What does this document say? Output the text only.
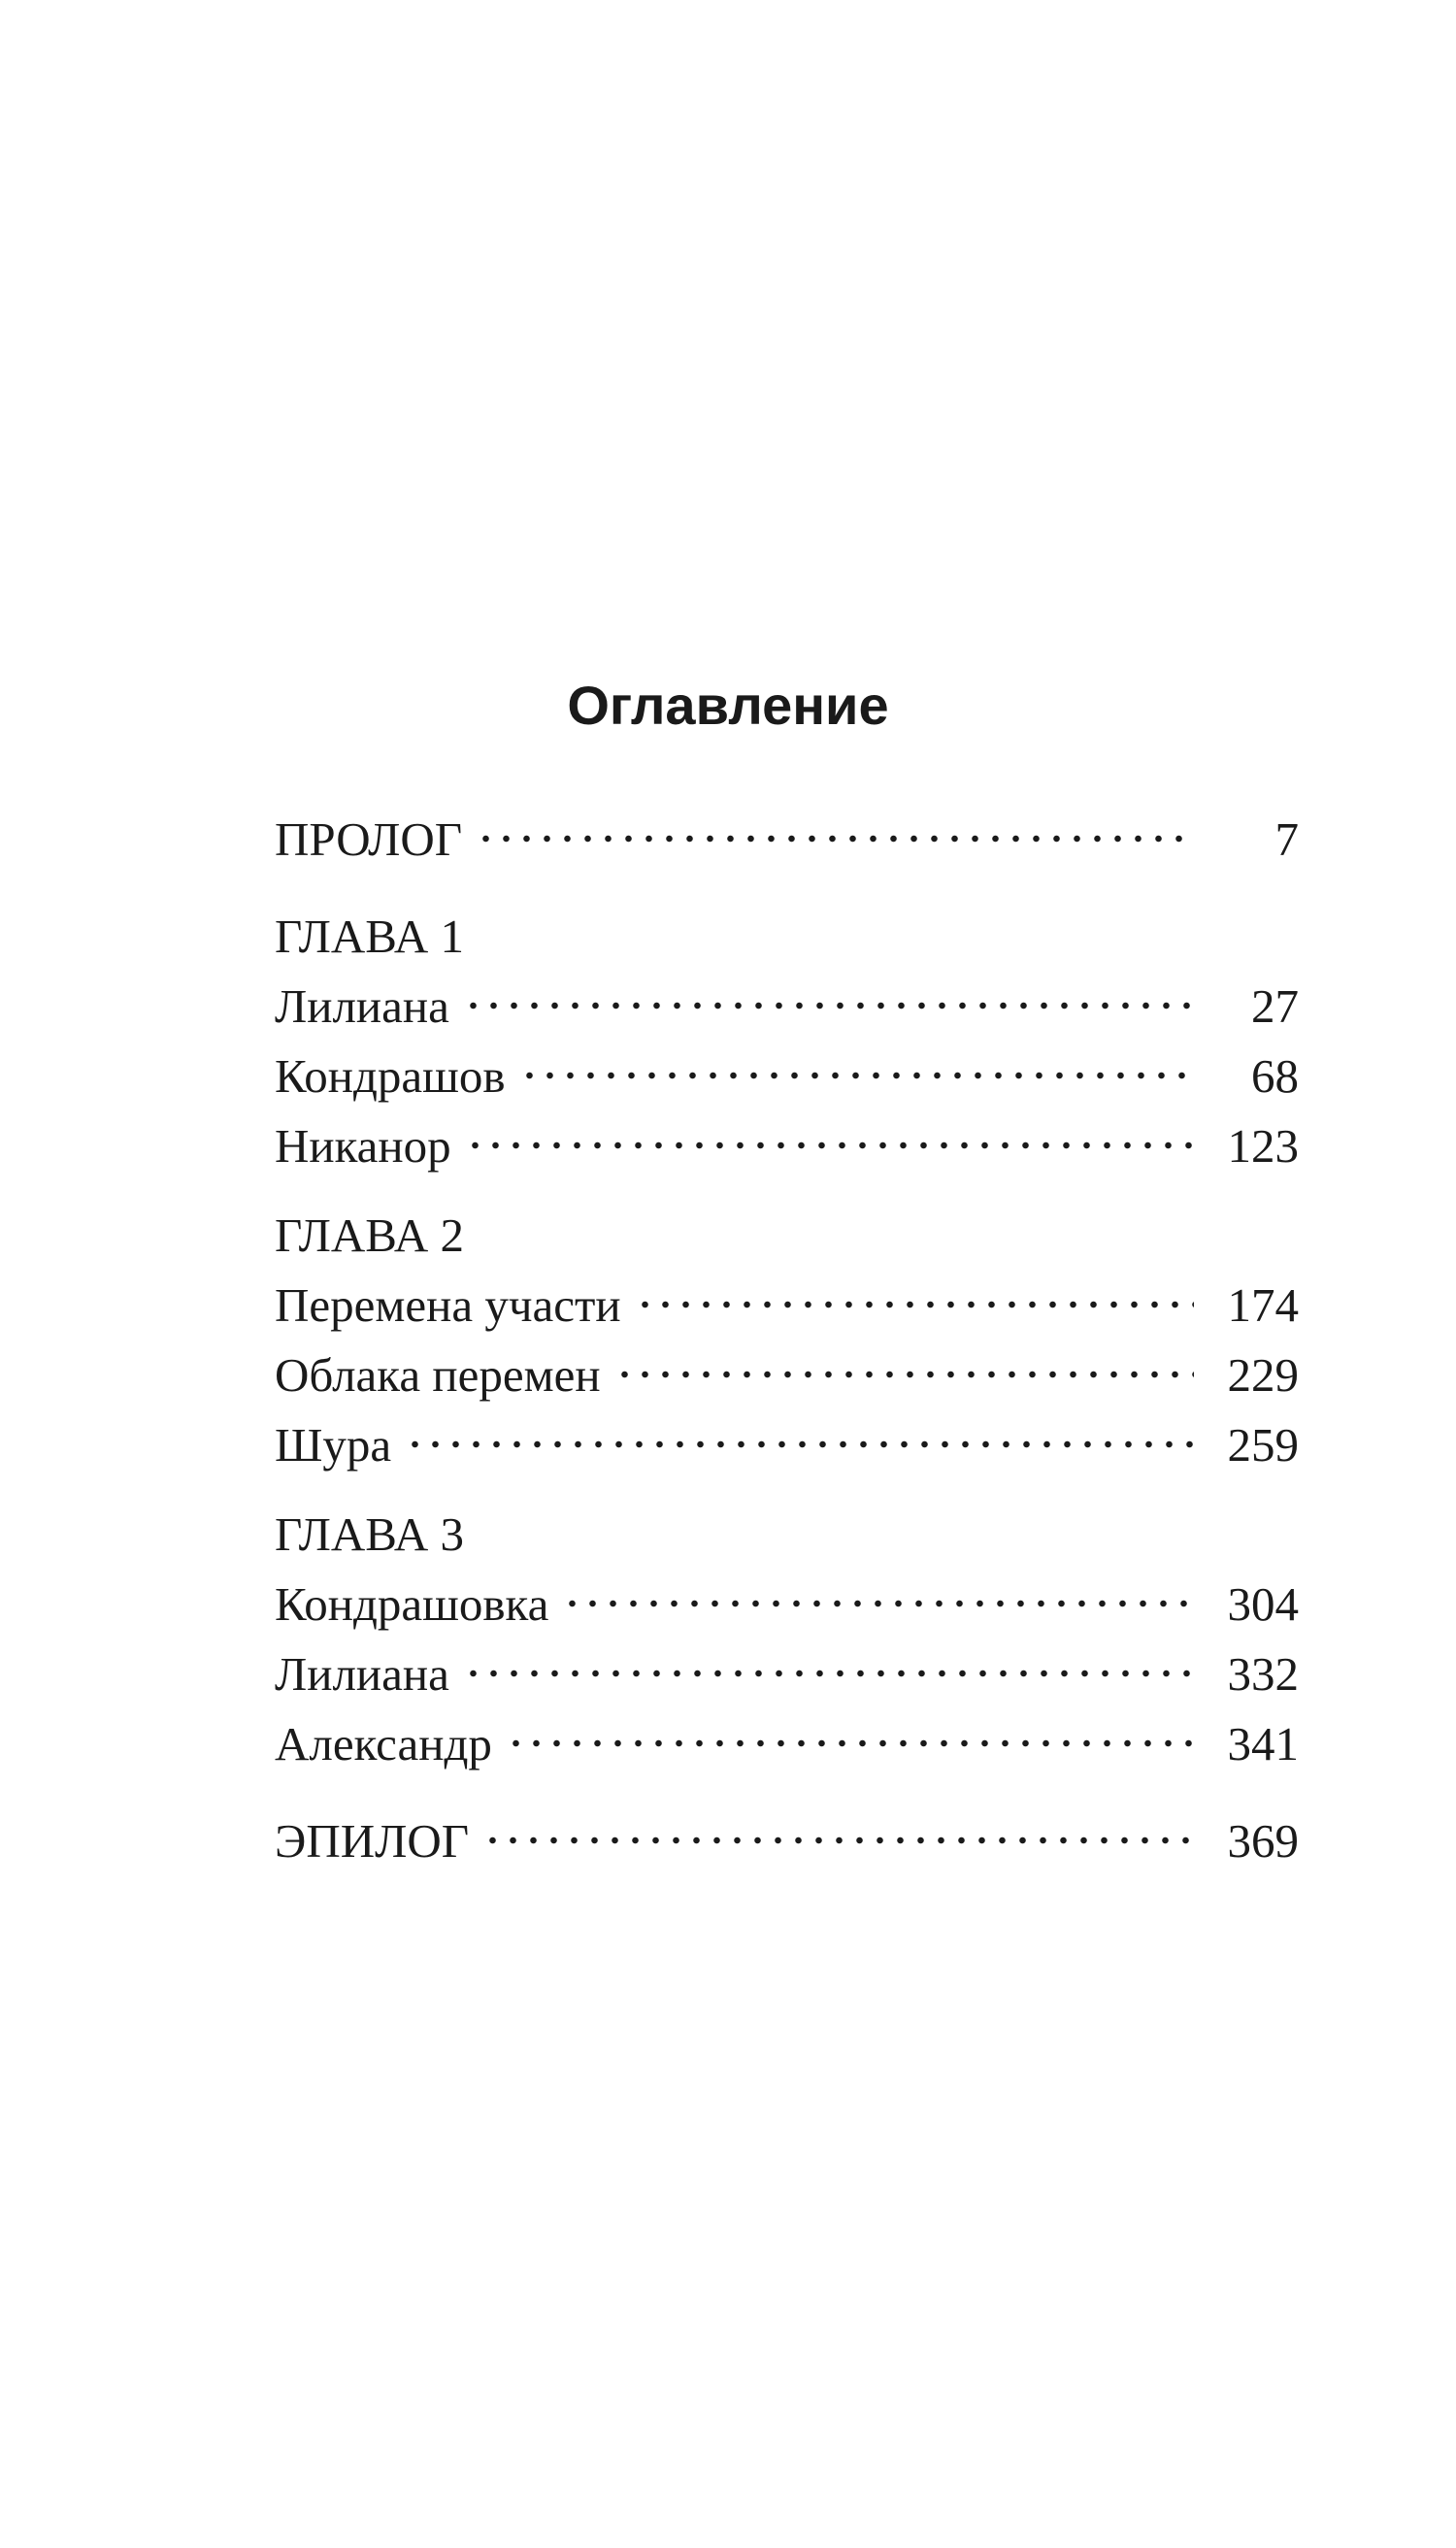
Оглавление
ПРОЛОГ	7
ГЛАВА 1
Лилиана	27
Кондрашов	68
Никанор	123
ГЛАВА 2
Перемена участи	174
Облака перемен	229
Шура	259
ГЛАВА 3
Кондрашовка	304
Лилиана	332
Александр	341
ЭПИЛОГ	369
